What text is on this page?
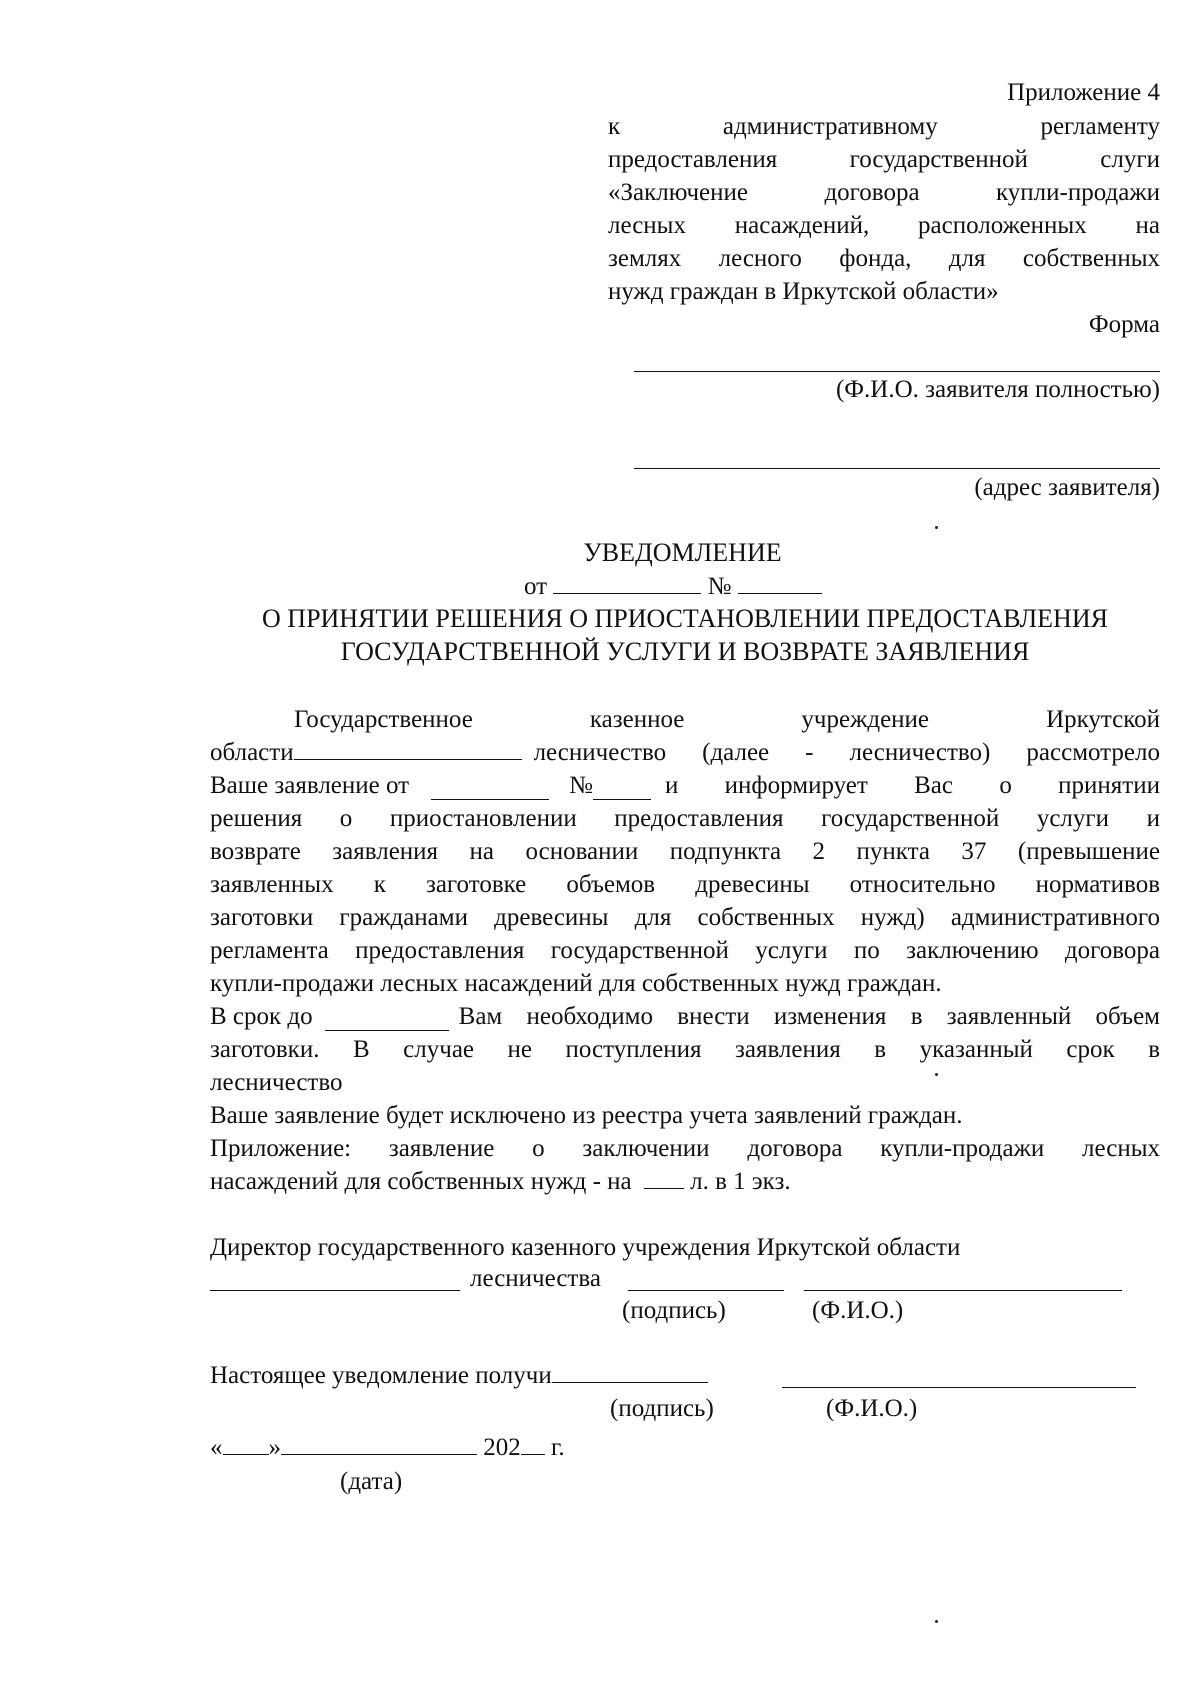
Приложение 4
к административному регламенту
предоставления государственной слуги
«Заключение договора купли-продажи
лесных насаждений, расположенных на
землях лесного фонда, для собственных
нужд граждан в Иркутской области»
Форма
(Ф.И.О. заявителя полностью)
(адрес заявителя)
УВЕДОМЛЕНИЕ
от	№
О ПРИНЯТИИ РЕШЕНИЯ О ПРИОСТАНОВЛЕНИИ ПРЕДОСТАВЛЕНИЯ
ГОСУДАРСТВЕННОЙ УСЛУГИ И ВОЗВРАТЕ ЗАЯВЛЕНИЯ
Государственное казенное учреждение Иркутской
области	лесничество (далее - лесничество) рассмотрело
Ваше заявление от	№	и информирует Вас о принятии
решения о приостановлении предоставления государственной услуги и
возврате заявления на основании подпункта 2 пункта 37 (превышение
заявленных к заготовке объемов древесины относительно нормативов
заготовки гражданами древесины для собственных нужд) административного
регламента предоставления государственной услуги по заключению договора
купли-продажи лесных насаждений для собственных нужд граждан.
В срок до	Вам необходимо внести изменения в заявленный объем
заготовки. В случае не поступления заявления в указанный срок в
лесничество
Ваше заявление будет исключено из реестра учета заявлений граждан.
Приложение: заявление о заключении договора купли-продажи лесных
насаждений для собственных нужд - на л. в 1 экз.
Директор государственного казенного учреждения Иркутской области
лесничества
(подпись)	(Ф.И.О.)
Настоящее уведомление получи
(подпись)	(Ф.И.О.)
« »	202 г.
(дата)
